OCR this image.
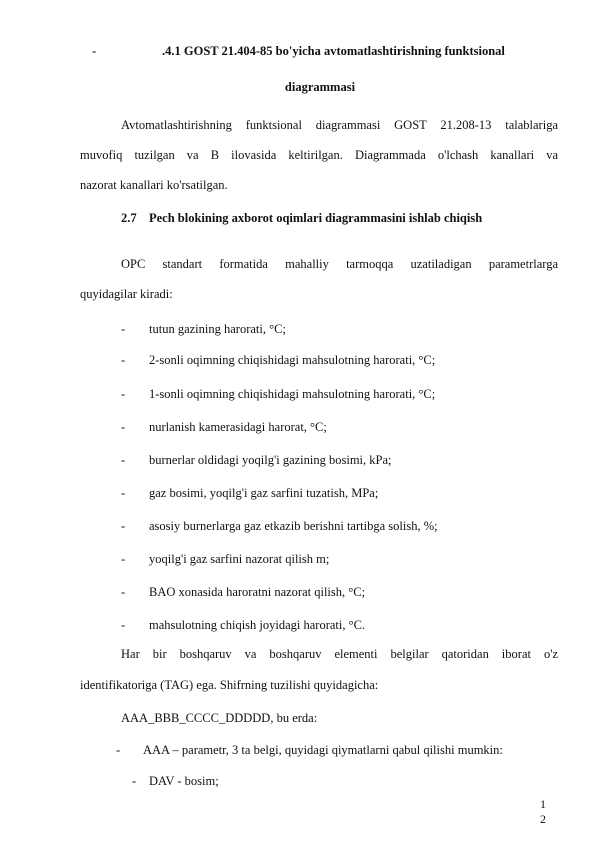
-	.4.1 GOST 21.404-85 bo'yicha avtomatlashtirishning funktsional
diagrammasi
Avtomatlashtirishning funktsional diagrammasi GOST 21.208-13 talablariga
muvofiq tuzilgan va B ilovasida keltirilgan. Diagrammada o'lchash kanallari va
nazorat kanallari ko'rsatilgan.
2.7 Pech blokining axborot oqimlari diagrammasini ishlab chiqish
OPC standart formatida mahalliy tarmoqqa uzatiladigan parametrlarga
quyidagilar kiradi:
- tutun gazining harorati, °C;
- 2-sonli oqimning chiqishidagi mahsulotning harorati, °C;
- 1-sonli oqimning chiqishidagi mahsulotning harorati, °C;
- nurlanish kamerasidagi harorat, °C;
- burnerlar oldidagi yoqilg'i gazining bosimi, kPa;
- gaz bosimi, yoqilg'i gaz sarfini tuzatish, MPa;
- asosiy burnerlarga gaz etkazib berishni tartibga solish, %;
- yoqilg'i gaz sarfini nazorat qilish m;
- BAO xonasida haroratni nazorat qilish, °C;
- mahsulotning chiqish joyidagi harorati, °C.
Har bir boshqaruv va boshqaruv elementi belgilar qatoridan iborat o'z
identifikatoriga (TAG) ega. Shifrning tuzilishi quyidagicha:
AAA_BBB_CCCC_DDDDD, bu erda:
- AAA – parametr, 3 ta belgi, quyidagi qiymatlarni qabul qilishi mumkin:
- DAV - bosim;
1
2
